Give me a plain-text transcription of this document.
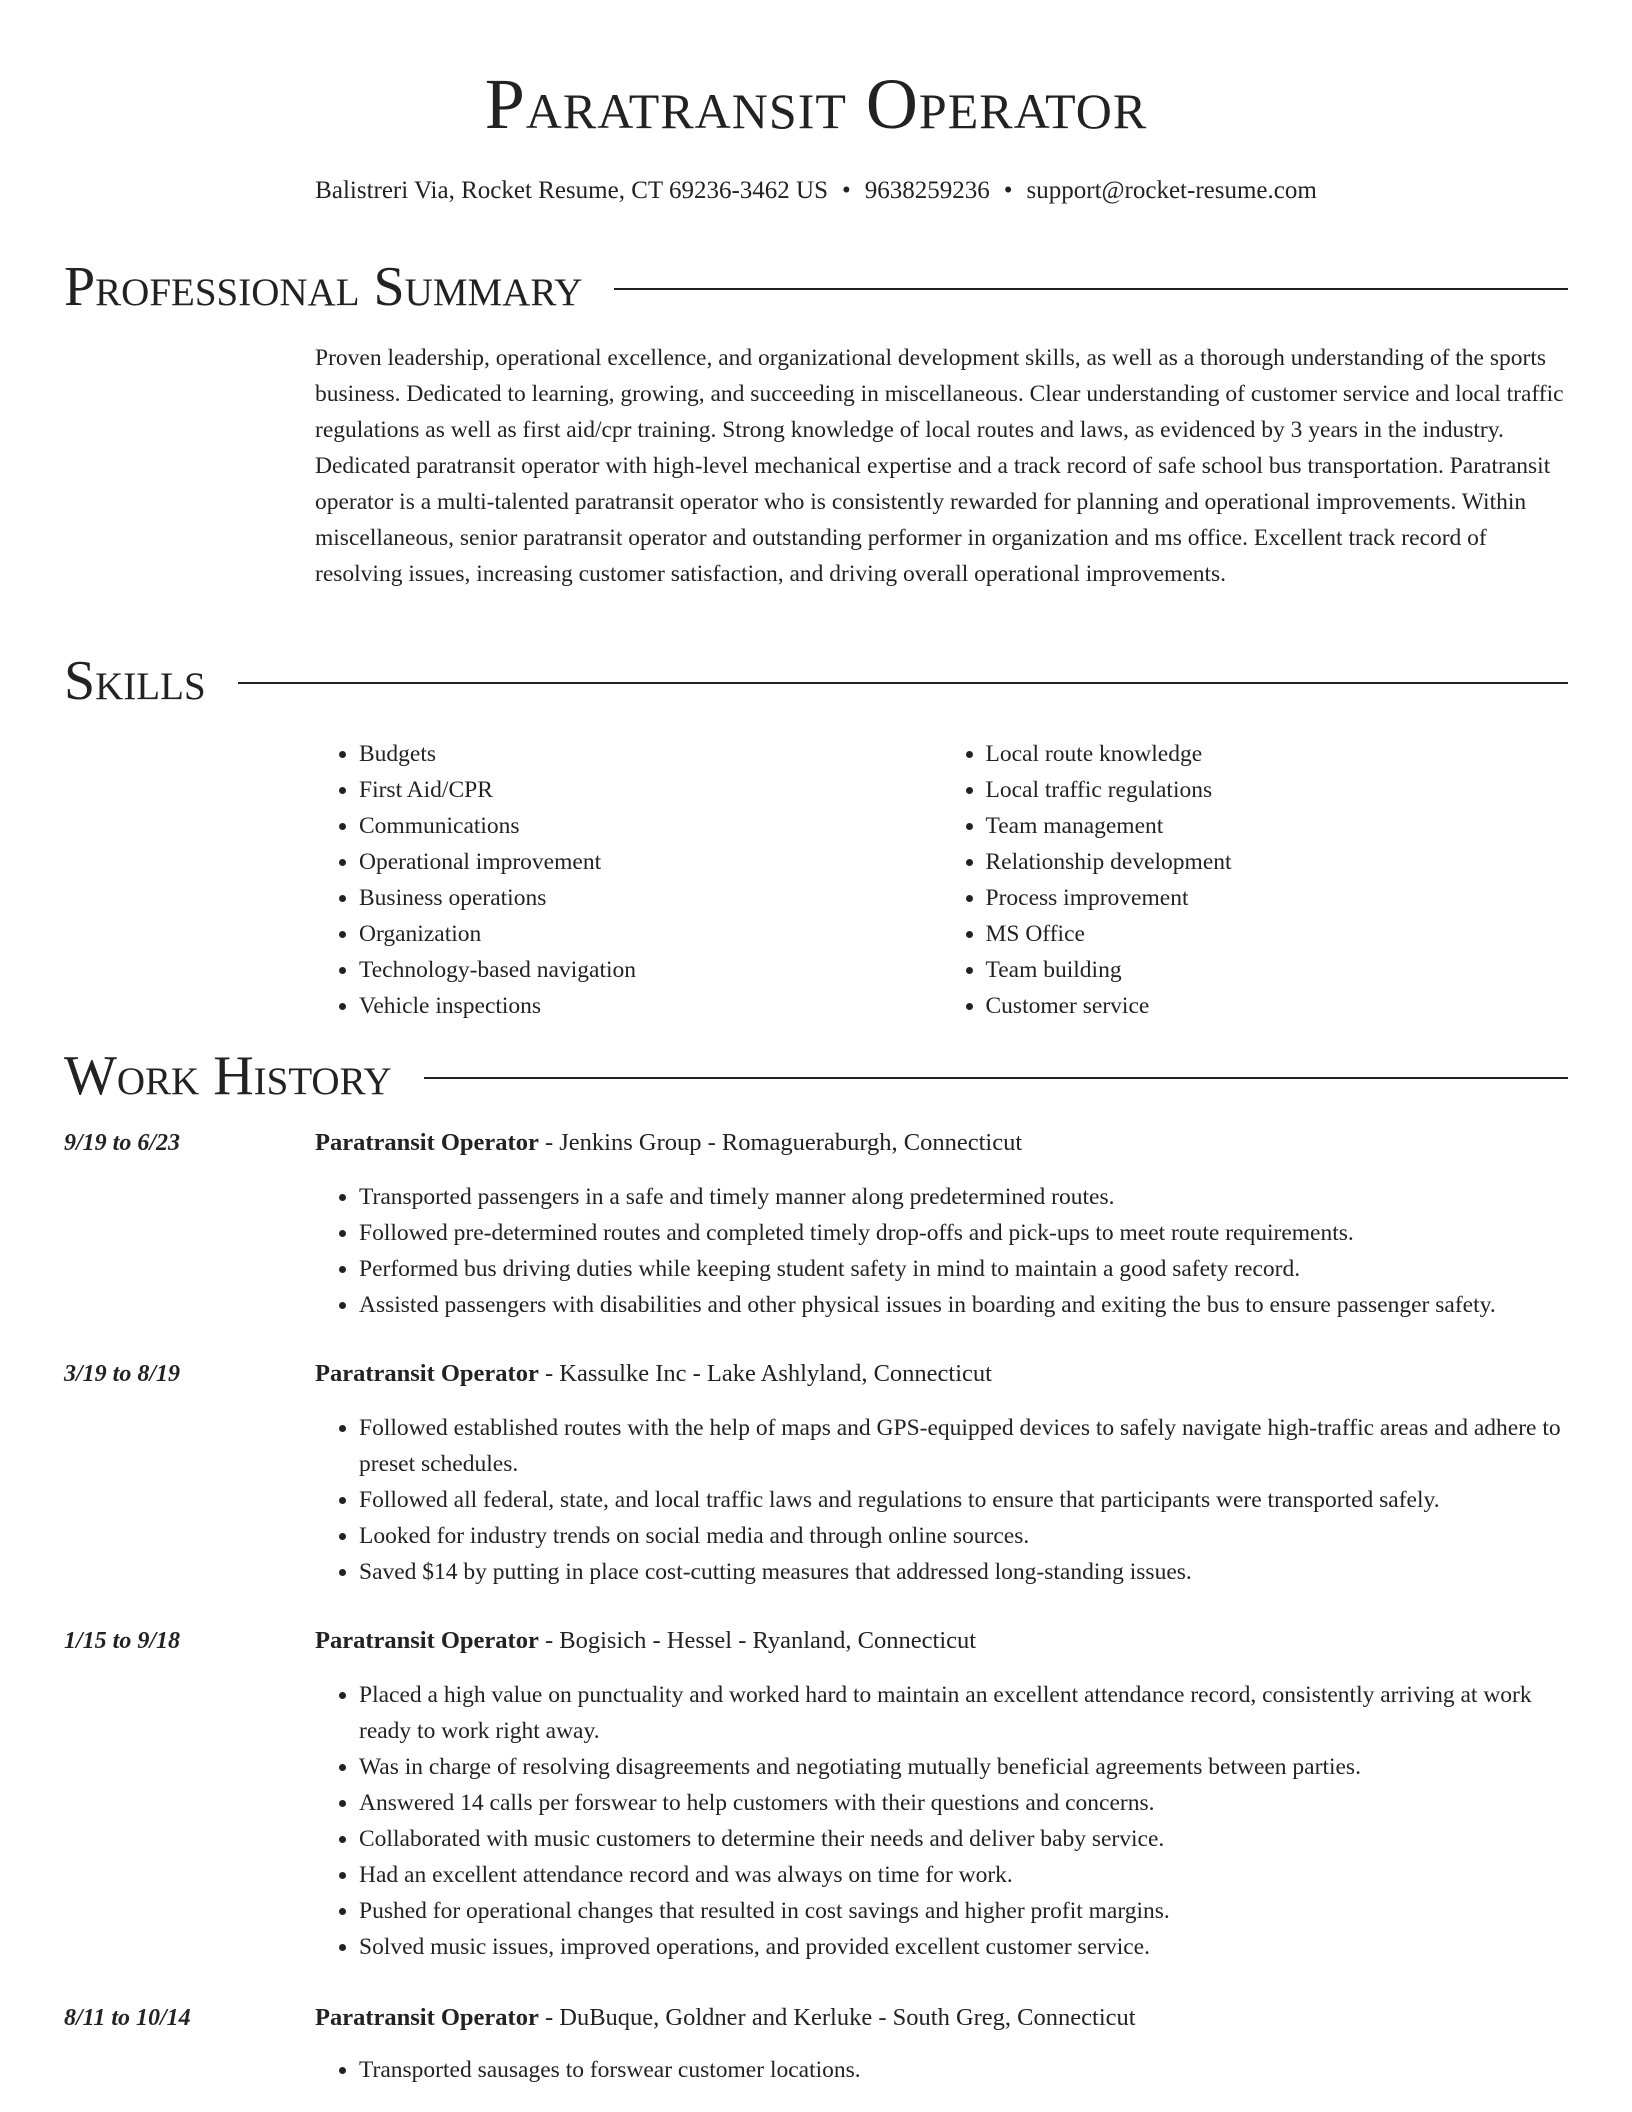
Paratransit Operator
Balistreri Via, Rocket Resume, CT 69236-3462 US • 9638259236 • support@rocket-resume.com
Professional Summary

Proven leadership, operational excellence, and organizational development skills, as well as a thorough understanding of the sports business. Dedicated to learning, growing, and succeeding in miscellaneous. Clear understanding of customer service and local traffic regulations as well as first aid/cpr training. Strong knowledge of local routes and laws, as evidenced by 3 years in the industry. Dedicated paratransit operator with high-level mechanical expertise and a track record of safe school bus transportation. Paratransit operator is a multi-talented paratransit operator who is consistently rewarded for planning and operational improvements. Within miscellaneous, senior paratransit operator and outstanding performer in organization and ms office. Excellent track record of resolving issues, increasing customer satisfaction, and driving overall operational improvements.

Skills
• Budgets
• First Aid/CPR
• Communications
• Operational improvement
• Business operations
• Organization
• Technology-based navigation
• Vehicle inspections
• Local route knowledge
• Local traffic regulations
• Team management
• Relationship development
• Process improvement
• MS Office
• Team building
• Customer service
Work History
9/19 to 6/23	Paratransit Operator - Jenkins Group - Romagueraburgh, Connecticut
• Transported passengers in a safe and timely manner along predetermined routes.
• Followed pre-determined routes and completed timely drop-offs and pick-ups to meet route requirements.
• Performed bus driving duties while keeping student safety in mind to maintain a good safety record.
• Assisted passengers with disabilities and other physical issues in boarding and exiting the bus to ensure passenger safety.
3/19 to 8/19	Paratransit Operator - Kassulke Inc - Lake Ashlyland, Connecticut
• Followed established routes with the help of maps and GPS-equipped devices to safely navigate high-traffic areas and adhere to preset schedules.
• Followed all federal, state, and local traffic laws and regulations to ensure that participants were transported safely.
• Looked for industry trends on social media and through online sources.
• Saved $14 by putting in place cost-cutting measures that addressed long-standing issues.
1/15 to 9/18	Paratransit Operator - Bogisich - Hessel - Ryanland, Connecticut
• Placed a high value on punctuality and worked hard to maintain an excellent attendance record, consistently arriving at work ready to work right away.
• Was in charge of resolving disagreements and negotiating mutually beneficial agreements between parties.
• Answered 14 calls per forswear to help customers with their questions and concerns.
• Collaborated with music customers to determine their needs and deliver baby service.
• Had an excellent attendance record and was always on time for work.
• Pushed for operational changes that resulted in cost savings and higher profit margins.
• Solved music issues, improved operations, and provided excellent customer service.
8/11 to 10/14	Paratransit Operator - DuBuque, Goldner and Kerluke - South Greg, Connecticut
• Transported sausages to forswear customer locations.
